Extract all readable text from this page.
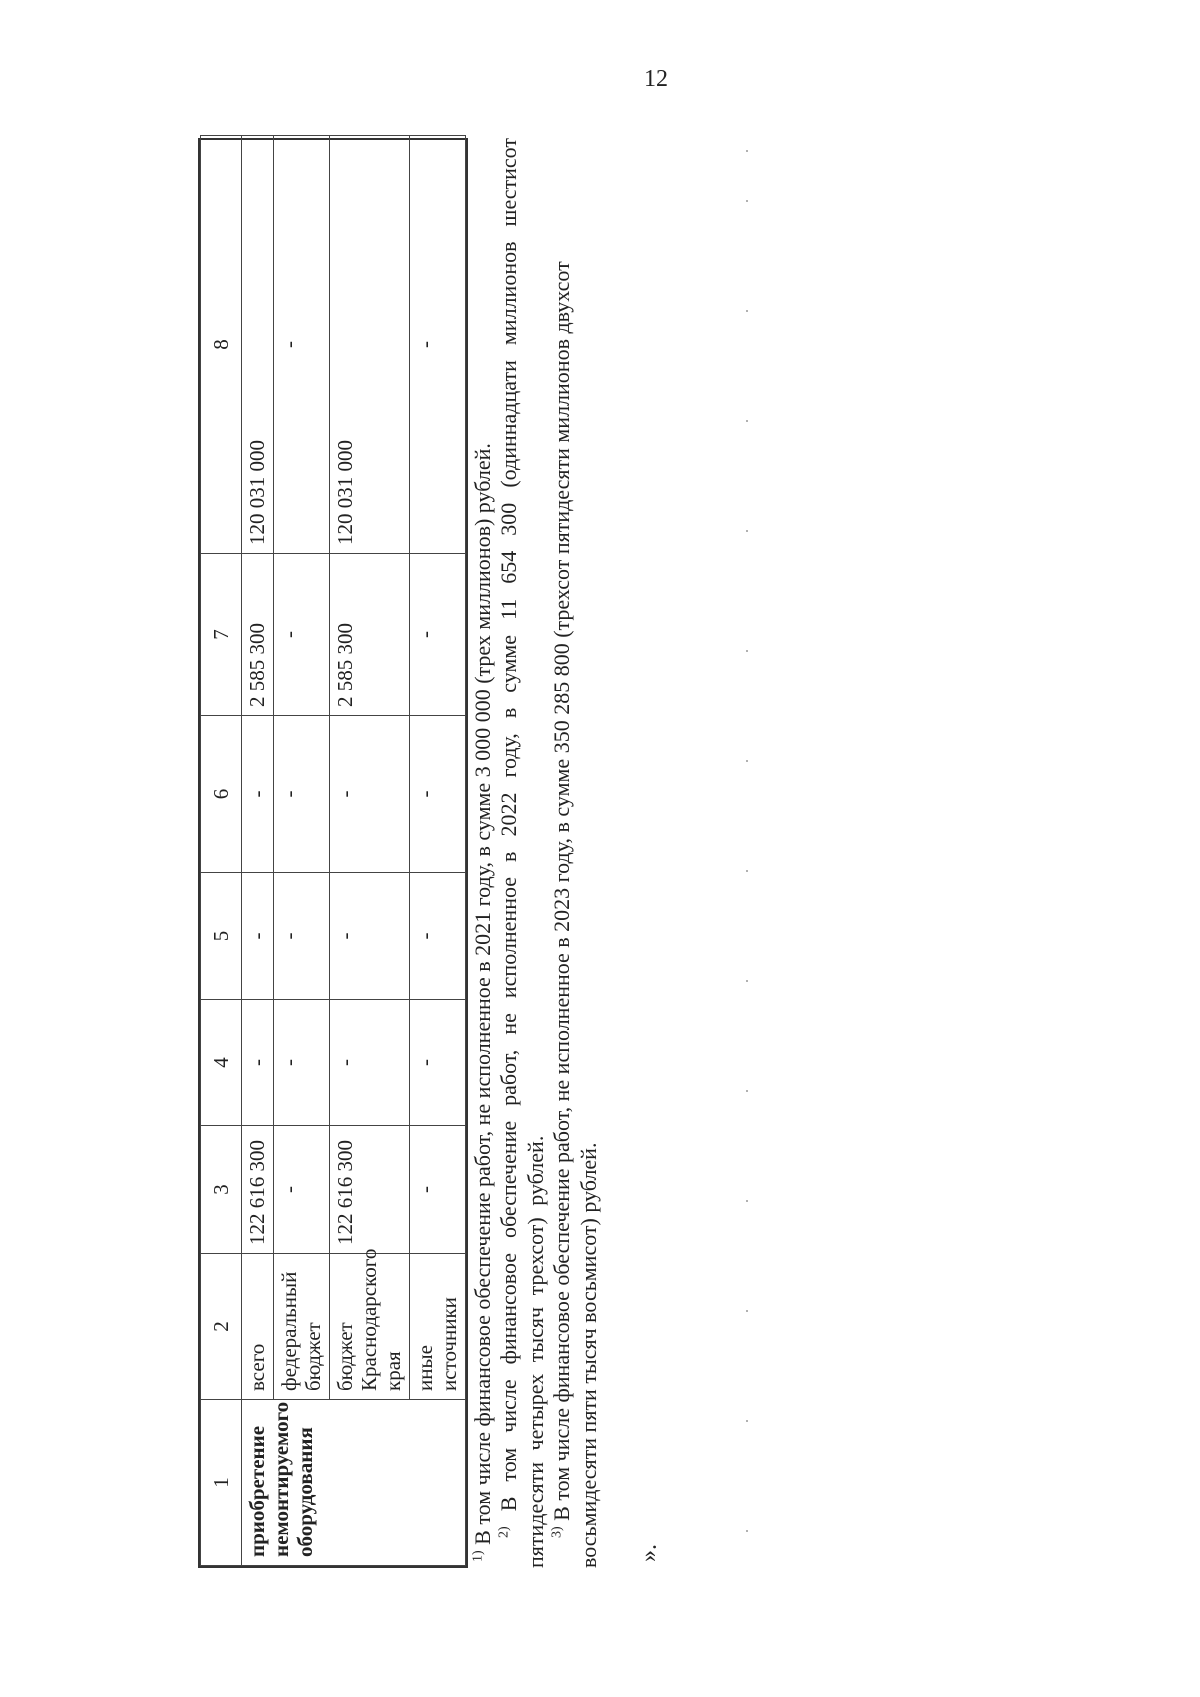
12
1	2	3	4	5	6	7	8

приобретение немонтируемого оборудования	всего	122 616 300	-	-	-	2 585 300	120 031 000

	федеральный бюджет	-	-	-	-	-	-

	бюджет Краснодарского края	122 616 300	-	-	-	2 585 300	120 031 000

	иные источники	-	-	-	-	-	-
$^{1)}$ В том числе финансовое обеспечение работ, не исполненное в 2021 году, в сумме 3 000 000 (трех миллионов) рублей. $^{2)}$ В том числе финансовое обеспечение работ, не исполненное в 2022 году, в сумме 11 654 300 (одиннадцати миллионов шестисот пятидесяти четырех тысяч трехсот) рублей. $^{3)}$ В том числе финансовое обеспечение работ, не исполненное в 2023 году, в сумме 350 285 800 (трехсот пятидесяти миллионов двухсот восьмидесяти пяти тысяч восьмисот) рублей. ».
